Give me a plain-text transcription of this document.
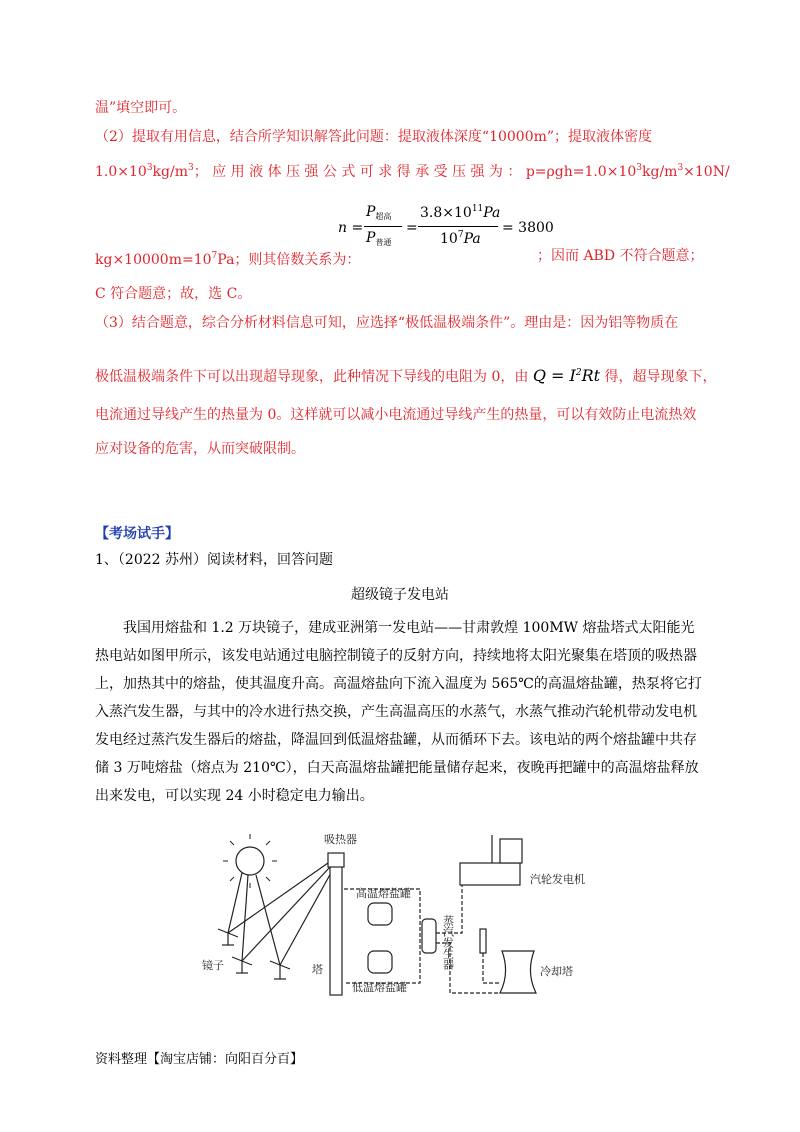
温”填空即可。
（2）提取有用信息，结合所学知识解答此问题：提取液体深度“10000m”；提取液体密度
$1.0\times 10^3kg/m^3$； 应 用 液 体 压 强 公 式 可 求 得 承 受 压 强 为 ： $p=\rho gh=1.0\times 10^3kg/m^3\times 10N/$
n =
$P_{超高}$
$P_{普通}$
=
$3.8\times 10^{11}Pa$
$10^7Pa$
= 3800
$kg\times 10000m=10^7Pa$；则其倍数关系为：	；因而 ABD 不符合题意；
C 符合题意；故，选 C。
（3）结合题意，综合分析材料信息可知，应选择“极低温极端条件”。理由是：因为铝等物质在
极低温极端条件下可以出现超导现象，此种情况下导线的电阻为 0，由 $Q = I^2Rt$ 得，超导现象下，
电流通过导线产生的热量为 0。这样就可以减小电流通过导线产生的热量，可以有效防止电流热效
应对设备的危害，从而突破限制。
【考场试手】
1、（2022 苏州）阅读材料，回答问题
超级镜子发电站
我国用熔盐和 1.2 万块镜子，建成亚洲第一发电站——甘肃敦煌 100MW 熔盐塔式太阳能光热电站如图甲所示，该发电站通过电脑控制镜子的反射方向，持续地将太阳光聚集在塔顶的吸热器上，加热其中的熔盐，使其温度升高。高温熔盐向下流入温度为 565℃的高温熔盐罐，热泵将它打入蒸汽发生器，与其中的冷水进行热交换，产生高温高压的水蒸气，水蒸气推动汽轮机带动发电机发电经过蒸汽发生器后的熔盐，降温回到低温熔盐罐，从而循环下去。该电站的两个熔盐罐中共存储 3 万吨熔盐（熔点为 210℃），白天高温熔盐罐把能量储存起来，夜晚再把罐中的高温熔盐释放出来发电，可以实现 24 小时稳定电力输出。
吸热器
高温熔盐罐
汽轮发电机
镜子	塔
低温熔盐罐
冷却塔
蒸汽发生器
资料整理【淘宝店铺：向阳百分百】
